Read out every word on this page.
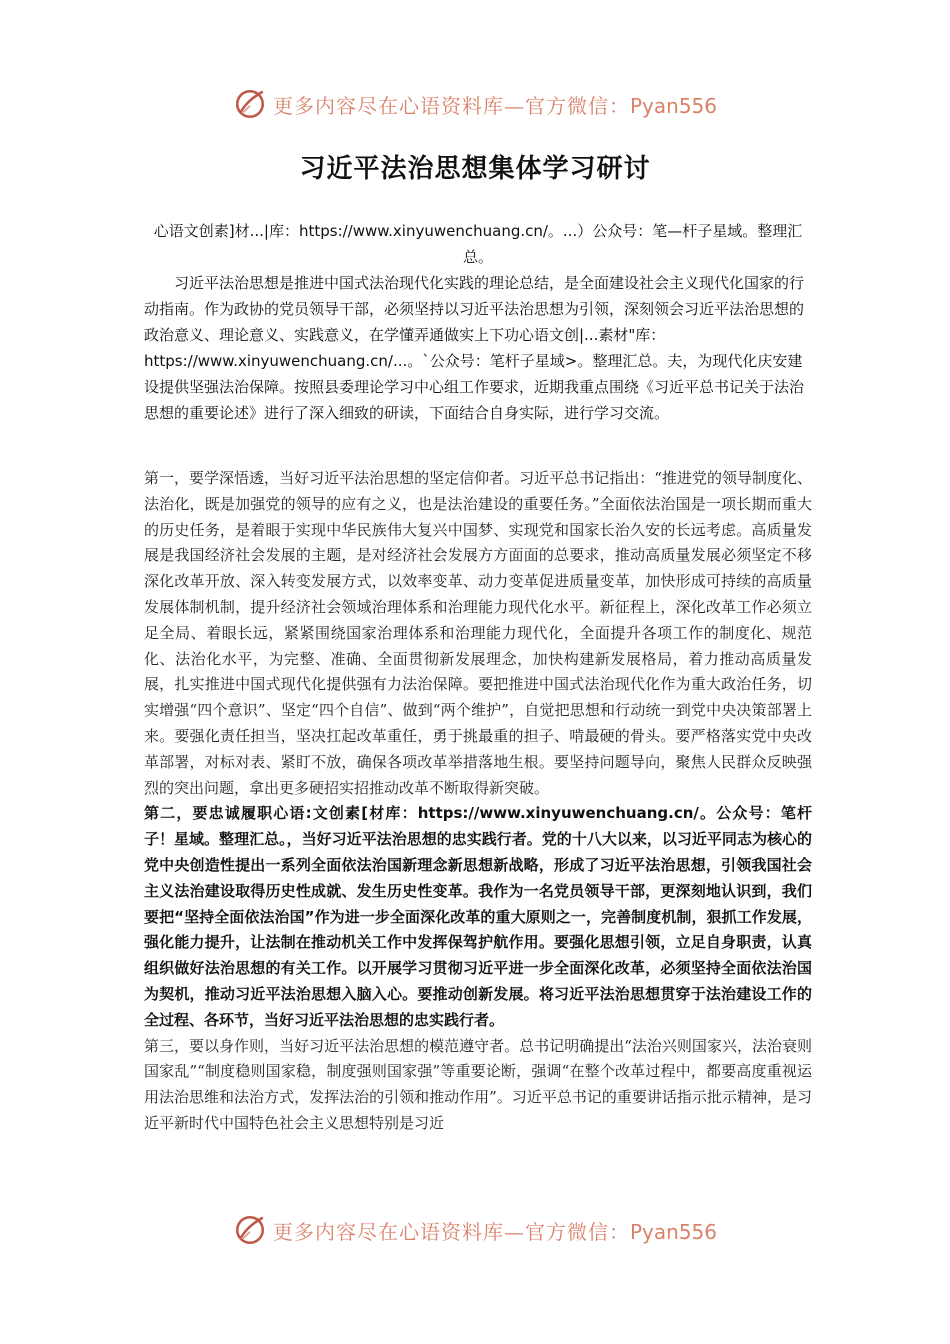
更多内容尽在心语资料库—官方微信：Pyan556
习近平法治思想集体学习研讨

心语文创素]材...|库：https://www.xinyuwenchuang.cn/。...）公众号：笔—杆子星域。整理汇总。

习近平法治思想是推进中国式法治现代化实践的理论总结，是全面建设社会主义现代化国家的行动指南。作为政协的党员领导干部，必须坚持以习近平法治思想为引领，深刻领会习近平法治思想的政治意义、理论意义、实践意义，在学懂弄通做实上下功心语文创|...素材"库：https://www.xinyuwenchuang.cn/...。`公众号：笔杆子星域>。整理汇总。夫，为现代化庆安建设提供坚强法治保障。按照县委理论学习中心组工作要求，近期我重点围绕《习近平总书记关于法治思想的重要论述》进行了深入细致的研读，下面结合自身实际，进行学习交流。

第一，要学深悟透，当好习近平法治思想的坚定信仰者。习近平总书记指出：“推进党的领导制度化、法治化，既是加强党的领导的应有之义，也是法治建设的重要任务。”全面依法治国是一项长期而重大的历史任务，是着眼于实现中华民族伟大复兴中国梦、实现党和国家长治久安的长远考虑。高质量发展是我国经济社会发展的主题，是对经济社会发展方方面面的总要求，推动高质量发展必须坚定不移深化改革开放、深入转变发展方式，以效率变革、动力变革促进质量变革，加快形成可持续的高质量发展体制机制，提升经济社会领域治理体系和治理能力现代化水平。新征程上，深化改革工作必须立足全局、着眼长远，紧紧围绕国家治理体系和治理能力现代化，全面提升各项工作的制度化、规范化、法治化水平，为完整、准确、全面贯彻新发展理念，加快构建新发展格局，着力推动高质量发展，扎实推进中国式现代化提供强有力法治保障。要把推进中国式法治现代化作为重大政治任务，切实增强“四个意识”、坚定“四个自信”、做到“两个维护”，自觉把思想和行动统一到党中央决策部署上来。要强化责任担当，坚决扛起改革重任，勇于挑最重的担子、啃最硬的骨头。要严格落实党中央改革部署，对标对表、紧盯不放，确保各项改革举措落地生根。要坚持问题导向，聚焦人民群众反映强烈的突出问题，拿出更多硬招实招推动改革不断取得新突破。

第二，要忠诚履职心语:文创素[材库：https://www.xinyuwenchuang.cn/。公众号：笔杆子！星域。整理汇总。，当好习近平法治思想的忠实践行者。党的十八大以来，以习近平同志为核心的党中央创造性提出一系列全面依法治国新理念新思想新战略，形成了习近平法治思想，引领我国社会主义法治建设取得历史性成就、发生历史性变革。我作为一名党员领导干部，更深刻地认识到，我们要把“坚持全面依法治国”作为进一步全面深化改革的重大原则之一，完善制度机制，狠抓工作发展，强化能力提升，让法制在推动机关工作中发挥保驾护航作用。要强化思想引领，立足自身职责，认真组织做好法治思想的有关工作。以开展学习贯彻习近平进一步全面深化改革，必须坚持全面依法治国为契机，推动习近平法治思想入脑入心。要推动创新发展。将习近平法治思想贯穿于法治建设工作的全过程、各环节，当好习近平法治思想的忠实践行者。

第三，要以身作则，当好习近平法治思想的模范遵守者。总书记明确提出“法治兴则国家兴，法治衰则国家乱”“制度稳则国家稳，制度强则国家强”等重要论断，强调“在整个改革过程中，都要高度重视运用法治思维和法治方式，发挥法治的引领和推动作用”。习近平总书记的重要讲话指示批示精神，是习近平新时代中国特色社会主义思想特别是习近

更多内容尽在心语资料库—官方微信：Pyan556
